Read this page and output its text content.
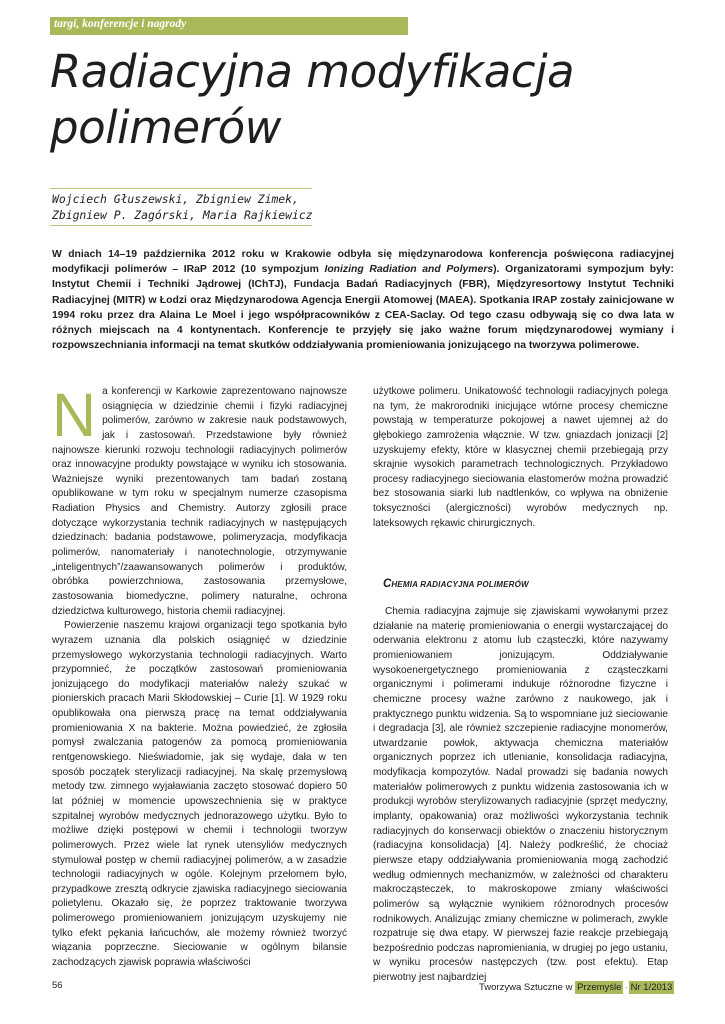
targi, konferencje i nagrody
Radiacyjna modyfikacja
polimerów
Wojciech Głuszewski, Zbigniew Zimek,
Zbigniew P. Zagórski, Maria Rajkiewicz

W dniach 14–19 października 2012 roku w Krakowie odbyła się międzynarodowa konferencja poświęcona radiacyjnej modyfikacji polimerów – IRaP 2012 (10 sympozjum Ionizing Radiation and Polymers). Organizatorami sympozjum były: Instytut Chemii i Techniki Jądrowej (IChTJ), Fundacja Badań Radiacyjnych (FBR), Międzyresortowy Instytut Techniki Radiacyjnej (MITR) w Łodzi oraz Międzynarodowa Agencja Energii Atomowej (MAEA). Spotkania IRAP zostały zainicjowane w 1994 roku przez dra Alaina Le Moel i jego współpracowników z CEA-Saclay. Od tego czasu odbywają się co dwa lata w różnych miejscach na 4 kontynentach. Konferencje te przyjęły się jako ważne forum międzynarodowej wymiany i rozpowszechniania informacji na temat skutków oddziaływania promieniowania jonizującego na tworzywa polimerowe.

Na konferencji w Karkowie zaprezentowano najnowsze osiągnięcia w dziedzinie chemii i fizyki radiacyjnej polimerów, zarówno w zakresie nauk podstawowych, jak i zastosowań. Przedstawione były również najnowsze kierunki rozwoju technologii radiacyjnych polimerów oraz innowacyjne produkty powstające w wyniku ich stosowania. Ważniejsze wyniki prezentowanych tam badań zostaną opublikowane w tym roku w specjalnym numerze czasopisma Radiation Physics and Chemistry. Autorzy zgłosili prace dotyczące wykorzystania technik radiacyjnych w następujących dziedzinach: badania podstawowe, polimeryzacja, modyfikacja polimerów, nanomateriały i nanotechnologie, otrzymywanie „inteligentnych”/zaawansowanych polimerów i produktów, obróbka powierzchniowa, zastosowania przemysłowe, zastosowania biomedyczne, polimery naturalne, ochrona dziedzictwa kulturowego, historia chemii radiacyjnej.

Powierzenie naszemu krajowi organizacji tego spotkania było wyrazem uznania dla polskich osiągnięć w dziedzinie przemysłowego wykorzystania technologii radiacyjnych. Warto przypomnieć, że początków zastosowań promieniowania jonizującego do modyfikacji materiałów należy szukać w pionierskich pracach Marii Skłodowskiej – Curie [1]. W 1929 roku opublikowała ona pierwszą pracę na temat oddziaływania promieniowania X na bakterie. Można powiedzieć, że zgłosiła pomysł zwalczania patogenów za pomocą promieniowania rentgenowskiego. Nieświadomie, jak się wydaje, dała w ten sposób początek sterylizacji radiacyjnej. Na skalę przemysłową metody tzw. zimnego wyjaławiania zaczęto stosować dopiero 50 lat później w momencie upowszechnienia się w praktyce szpitalnej wyrobów medycznych jednorazowego użytku. Było to możliwe dzięki postępowi w chemii i technologii tworzyw polimerowych. Przez wiele lat rynek utensyliów medycznych stymulował postęp w chemii radiacyjnej polimerów, a w zasadzie technologii radiacyjnych w ogóle. Kolejnym przełomem było, przypadkowe zresztą odkrycie zjawiska radiacyjnego sieciowania polietylenu. Okazało się, że poprzez traktowanie tworzywa polimerowego promieniowaniem jonizującym uzyskujemy nie tylko efekt pękania łańcuchów, ale możemy również tworzyć wiązania poprzeczne. Sieciowanie w ogólnym bilansie zachodzących zjawisk poprawia właściwości

użytkowe polimeru. Unikatowość technologii radiacyjnych polega na tym, że makrorodniki inicjujące wtórne procesy chemiczne powstają w temperaturze pokojowej a nawet ujemnej aż do głębokiego zamrożenia włącznie. W tzw. gniazdach jonizacji [2] uzyskujemy efekty, które w klasycznej chemii przebiegają przy skrajnie wysokich parametrach technologicznych. Przykładowo procesy radiacyjnego sieciowania elastomerów można prowadzić bez stosowania siarki lub nadtlenków, co wpływa na obniżenie toksyczności (alergiczności) wyrobów medycznych np. lateksowych rękawic chirurgicznych.

CHEMIA RADIACYJNA POLIMERÓW

Chemia radiacyjna zajmuje się zjawiskami wywołanymi przez działanie na materię promieniowania o energii wystarczającej do oderwania elektronu z atomu lub cząsteczki, które nazywamy promieniowaniem jonizującym. Oddziaływanie wysokoenergetycznego promieniowania z cząsteczkami organicznymi i polimerami indukuje różnorodne fizyczne i chemiczne procesy ważne zarówno z naukowego, jak i praktycznego punktu widzenia. Są to wspomniane już sieciowanie i degradacja [3], ale również szczepienie radiacyjne monomerów, utwardzanie powłok, aktywacja chemiczna materiałów organicznych poprzez ich utlenianie, konsolidacja radiacyjna, modyfikacja kompozytów. Nadal prowadzi się badania nowych materiałów polimerowych z punktu widzenia zastosowania ich w produkcji wyrobów sterylizowanych radiacyjnie (sprzęt medyczny, implanty, opakowania) oraz możliwości wykorzystania technik radiacyjnych do konserwacji obiektów o znaczeniu historycznym (radiacyjna konsolidacja) [4]. Należy podkreślić, że chociaż pierwsze etapy oddziaływania promieniowania mogą zachodzić według odmiennych mechanizmów, w zależności od charakteru makrocząsteczek, to makroskopowe zmiany właściwości polimerów są wyłącznie wynikiem różnorodnych procesów rodnikowych. Analizując zmiany chemiczne w polimerach, zwykle rozpatruje się dwa etapy. W pierwszej fazie reakcje przebiegają bezpośrednio podczas napromieniania, w drugiej po jego ustaniu, w wyniku procesów następczych (tzw. post efektu). Etap pierwotny jest najbardziej

56	Tworzywa Sztuczne w Przemyśle · Nr 1/2013
